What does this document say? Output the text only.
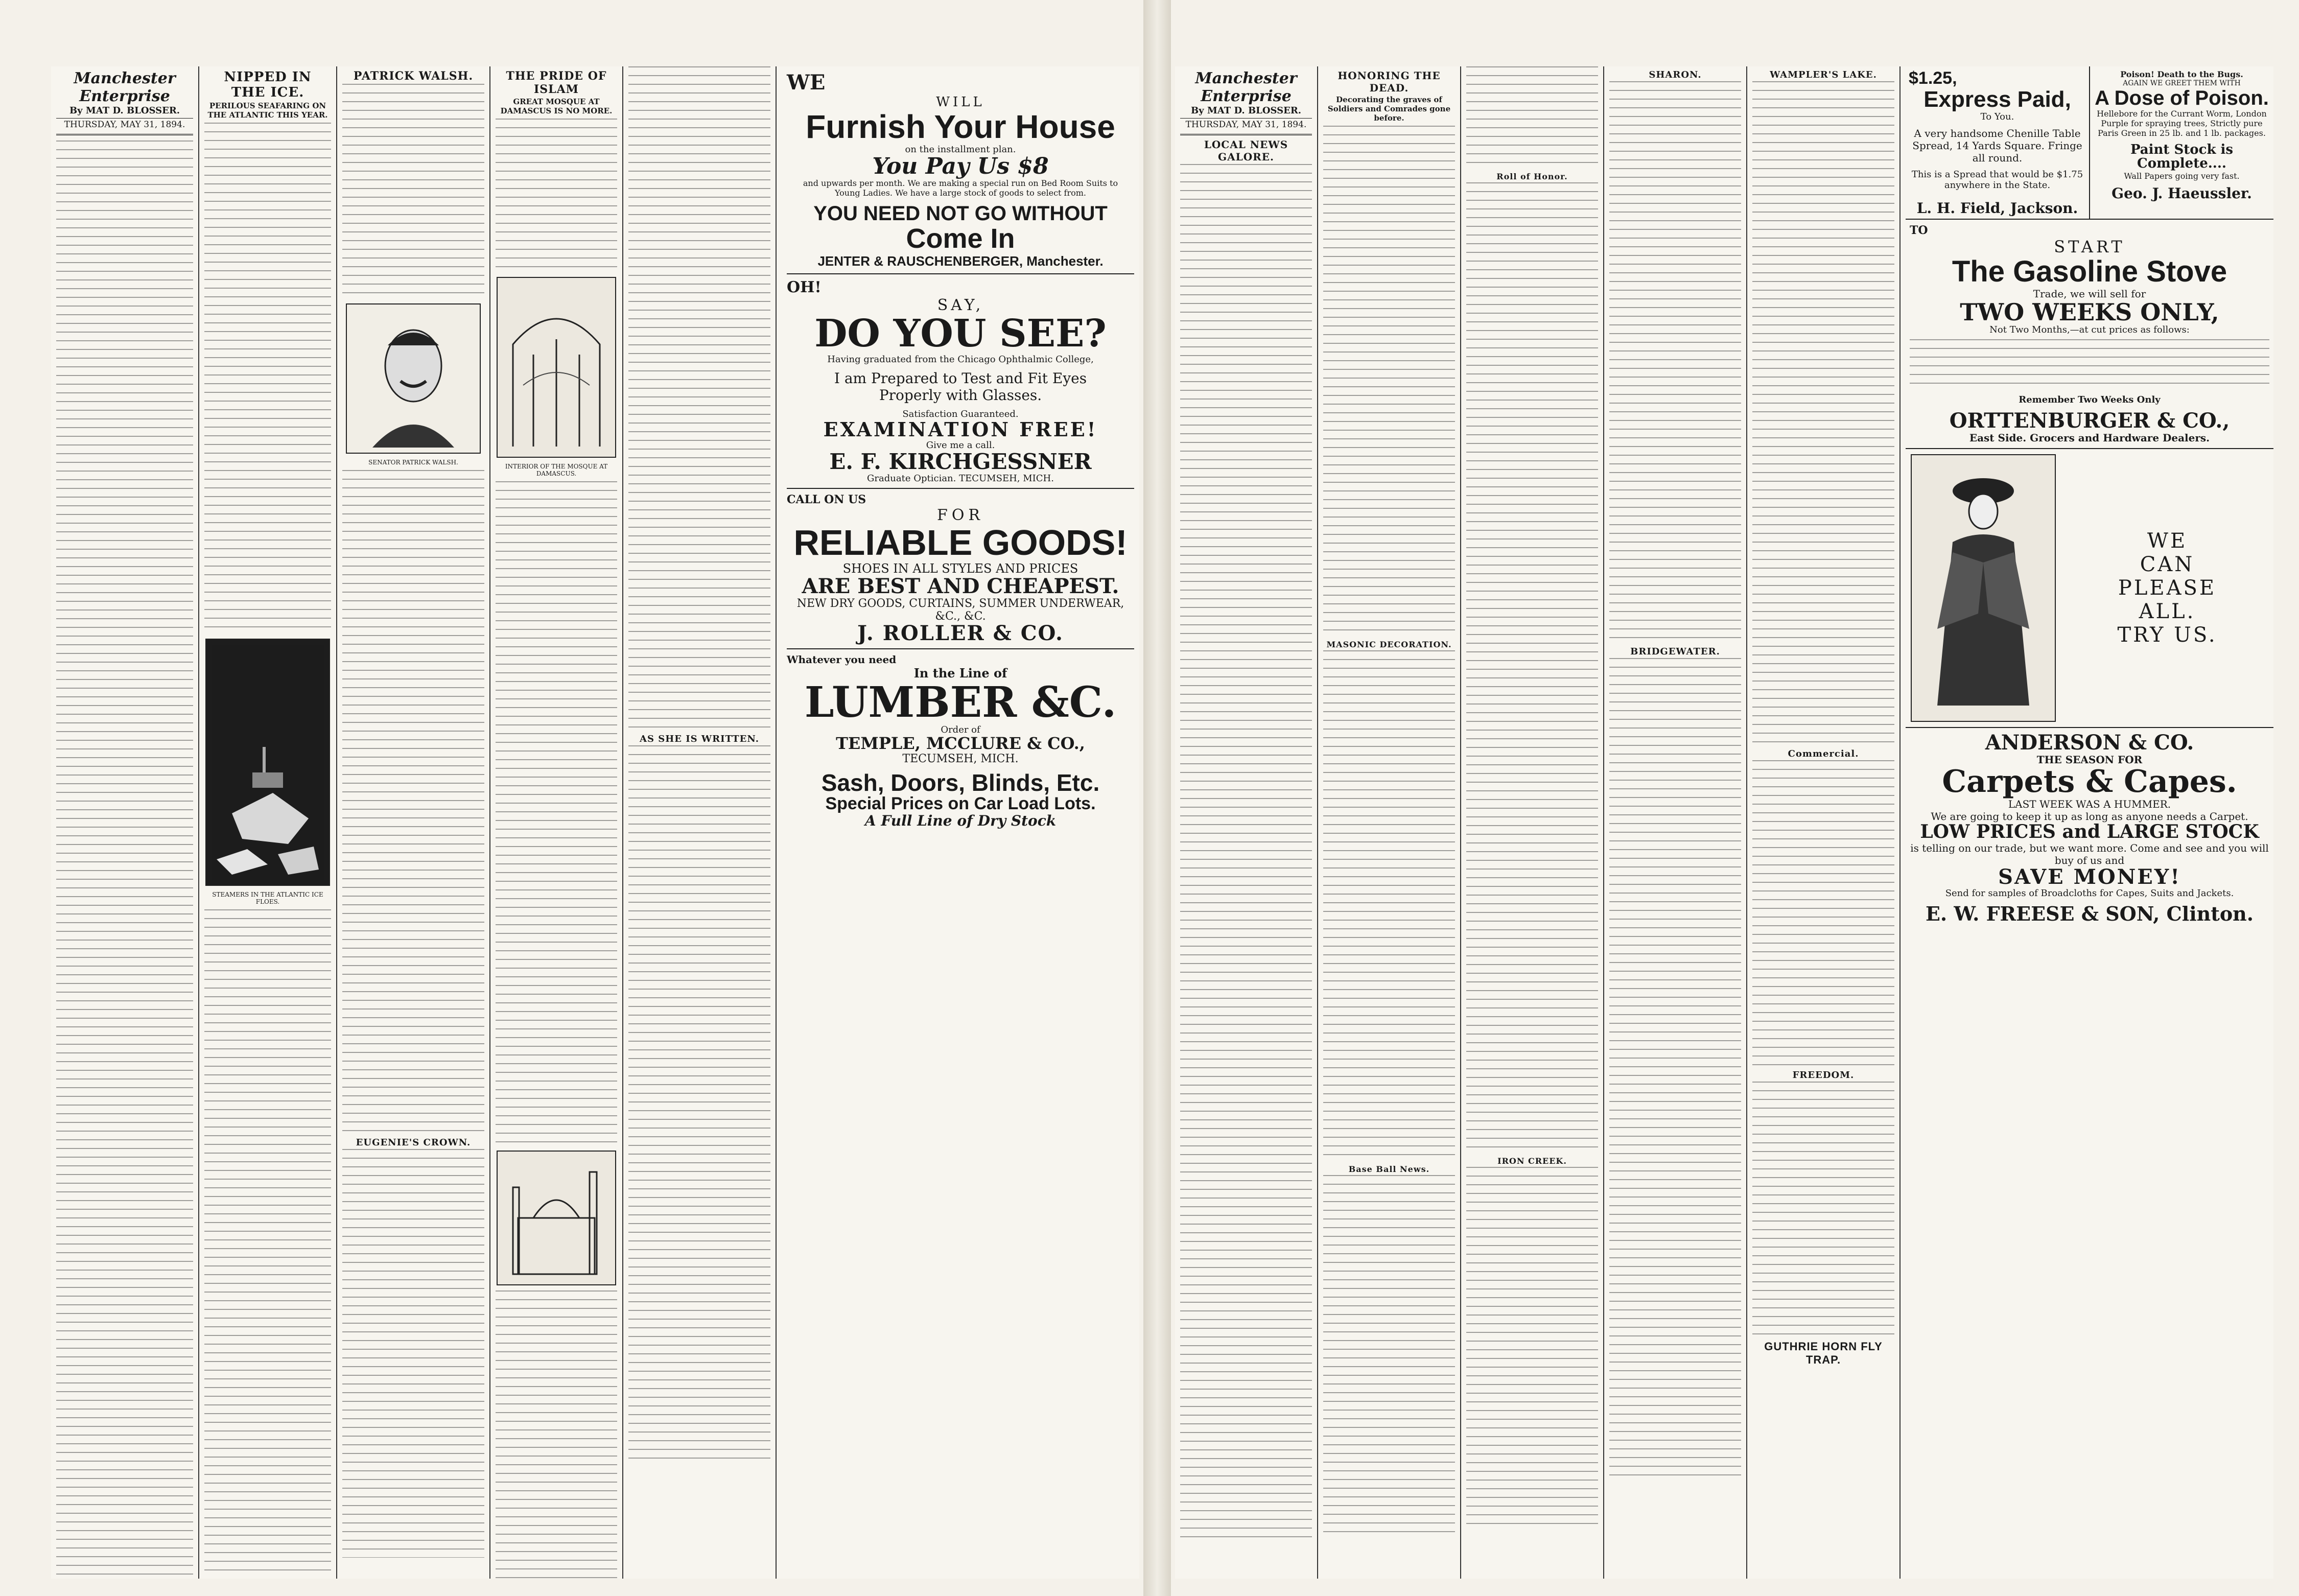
Manchester Enterprise
By MAT D. BLOSSER.
THURSDAY, MAY 31, 1894.
NIPPED IN THE ICE.
PERILOUS SEAFARING ON THE ATLANTIC THIS YEAR.
STEAMERS IN THE ATLANTIC ICE FLOES.
PATRICK WALSH.
SENATOR PATRICK WALSH.
EUGENIE'S CROWN.
THE PRIDE OF ISLAM
GREAT MOSQUE AT DAMASCUS IS NO MORE.
INTERIOR OF THE MOSQUE AT DAMASCUS.
AS SHE IS WRITTEN.
WE
WILL
Furnish Your House
on the installment plan.
You Pay Us $8
and upwards per month. We are making a special run on Bed Room Suits to Young Ladies. We have a large stock of goods to select from.
YOU NEED NOT GO WITHOUT
Come In
JENTER & RAUSCHENBERGER, Manchester.
OH!
SAY,
DO YOU SEE?
Having graduated from the Chicago Ophthalmic College,
I am Prepared to Test and Fit Eyes Properly with Glasses.
Satisfaction Guaranteed.
EXAMINATION FREE!
Give me a call.
E. F. KIRCHGESSNER
Graduate Optician. TECUMSEH, MICH.
CALL ON US
FOR
RELIABLE GOODS!
SHOES IN ALL STYLES AND PRICES
ARE BEST AND CHEAPEST.
NEW DRY GOODS, CURTAINS, SUMMER UNDERWEAR, &C., &C.
J. ROLLER & CO.
Whatever you need
In the Line of
LUMBER &C.
Order of
TEMPLE, MCCLURE & CO.,
TECUMSEH, MICH.
Sash, Doors, Blinds, Etc.
Special Prices on Car Load Lots.
A Full Line of Dry Stock
Manchester Enterprise
By MAT D. BLOSSER.
THURSDAY, MAY 31, 1894.
LOCAL NEWS GALORE.
HONORING THE DEAD.
Decorating the graves of Soldiers and Comrades gone before.
MASONIC DECORATION.
Base Ball News.
Roll of Honor.
IRON CREEK.
SHARON.
BRIDGEWATER.
WAMPLER'S LAKE.
Commercial.
FREEDOM.
GUTHRIE HORN FLY TRAP.
$1.25,
Express Paid,
To You.
A very handsome Chenille Table Spread, 14 Yards Square. Fringe all round.
This is a Spread that would be $1.75 anywhere in the State.
L. H. Field, Jackson.
Poison! Death to the Bugs.
AGAIN WE GREET THEM WITH
A Dose of Poison.
Hellebore for the Currant Worm, London Purple for spraying trees, Strictly pure Paris Green in 25 lb. and 1 lb. packages.
Paint Stock is Complete....
Wall Papers going very fast.
Geo. J. Haeussler.
TO
START
The Gasoline Stove
Trade, we will sell for
TWO WEEKS ONLY,
Not Two Months,—at cut prices as follows:
Remember Two Weeks Only
ORTTENBURGER & CO.,
East Side. Grocers and Hardware Dealers.
WE
CAN
PLEASE
ALL.
TRY US.
ANDERSON & CO.
THE SEASON FOR
Carpets & Capes.
LAST WEEK WAS A HUMMER.
We are going to keep it up as long as anyone needs a Carpet.
LOW PRICES and LARGE STOCK
is telling on our trade, but we want more. Come and see and you will buy of us and
SAVE MONEY!
Send for samples of Broadcloths for Capes, Suits and Jackets.
E. W. FREESE & SON, Clinton.
